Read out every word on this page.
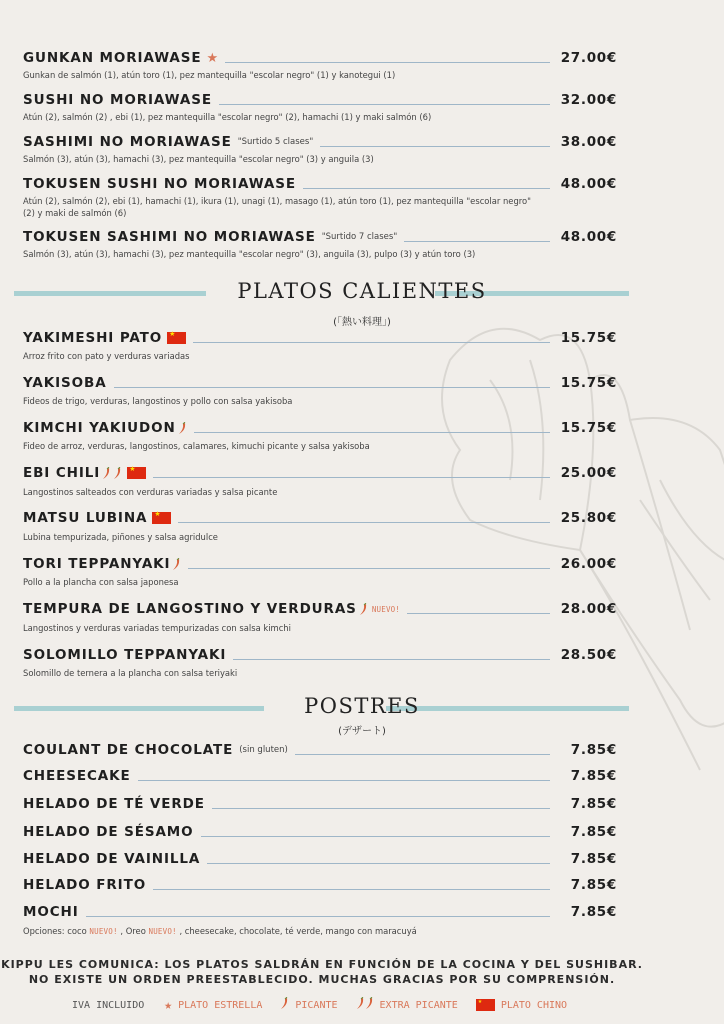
GUNKAN MORIAWASE ★	27.00€
Gunkan de salmón (1), atún toro (1), pez mantequilla "escolar negro" (1) y kanotegui (1)
SUSHI NO MORIAWASE	32.00€
Atún (2), salmón (2) , ebi (1), pez mantequilla "escolar negro" (2), hamachi (1) y maki salmón (6)
SASHIMI NO MORIAWASE "Surtido 5 clases"	38.00€
Salmón (3), atún (3), hamachi (3), pez mantequilla "escolar negro" (3) y anguila (3)
TOKUSEN SUSHI NO MORIAWASE	48.00€
Atún (2), salmón (2), ebi (1), hamachi (1), ikura (1), unagi (1), masago (1), atún toro (1), pez mantequilla "escolar negro" (2) y maki de salmón (6)
TOKUSEN SASHIMI NO MORIAWASE "Surtido 7 clases"	48.00€
Salmón (3), atún (3), hamachi (3), pez mantequilla "escolar negro" (3), anguila (3), pulpo (3) y atún toro (3)
PLATOS CALIENTES
(「熱い料理」)
YAKIMESHI PATO ★	15.75€
Arroz frito con pato y verduras variadas
YAKISOBA	15.75€
Fideos de trigo, verduras, langostinos y pollo con salsa yakisoba
KIMCHI YAKIUDON	15.75€
Fideo de arroz, verduras, langostinos, calamares, kimuchi picante y salsa yakisoba
EBI CHILI ★	25.00€
Langostinos salteados con verduras variadas y salsa picante
MATSU LUBINA ★	25.80€
Lubina tempurizada, piñones y salsa agridulce
TORI TEPPANYAKI	26.00€
Pollo a la plancha con salsa japonesa
TEMPURA DE LANGOSTINO Y VERDURAS NUEVO!	28.00€
Langostinos y verduras variadas tempurizadas con salsa kimchi
SOLOMILLO TEPPANYAKI	28.50€
Solomillo de ternera a la plancha con salsa teriyaki
POSTRES
(デザート)
COULANT DE CHOCOLATE (sin gluten)	7.85€
CHEESECAKE	7.85€
HELADO DE TÉ VERDE	7.85€
HELADO DE SÉSAMO	7.85€
HELADO DE VAINILLA	7.85€
HELADO FRITO	7.85€
MOCHI	7.85€
Opciones: coco NUEVO! , Oreo NUEVO! , cheesecake, chocolate, té verde, mango con maracuyá
KIPPU LES COMUNICA: LOS PLATOS SALDRÁN EN FUNCIÓN DE LA COCINA Y DEL SUSHIBAR.
NO EXISTE UN ORDEN PREESTABLECIDO. MUCHAS GRACIAS POR SU COMPRENSIÓN.
IVA INCLUIDO ★ PLATO ESTRELLA	PICANTE	EXTRA PICANTE ★	PLATO CHINO
